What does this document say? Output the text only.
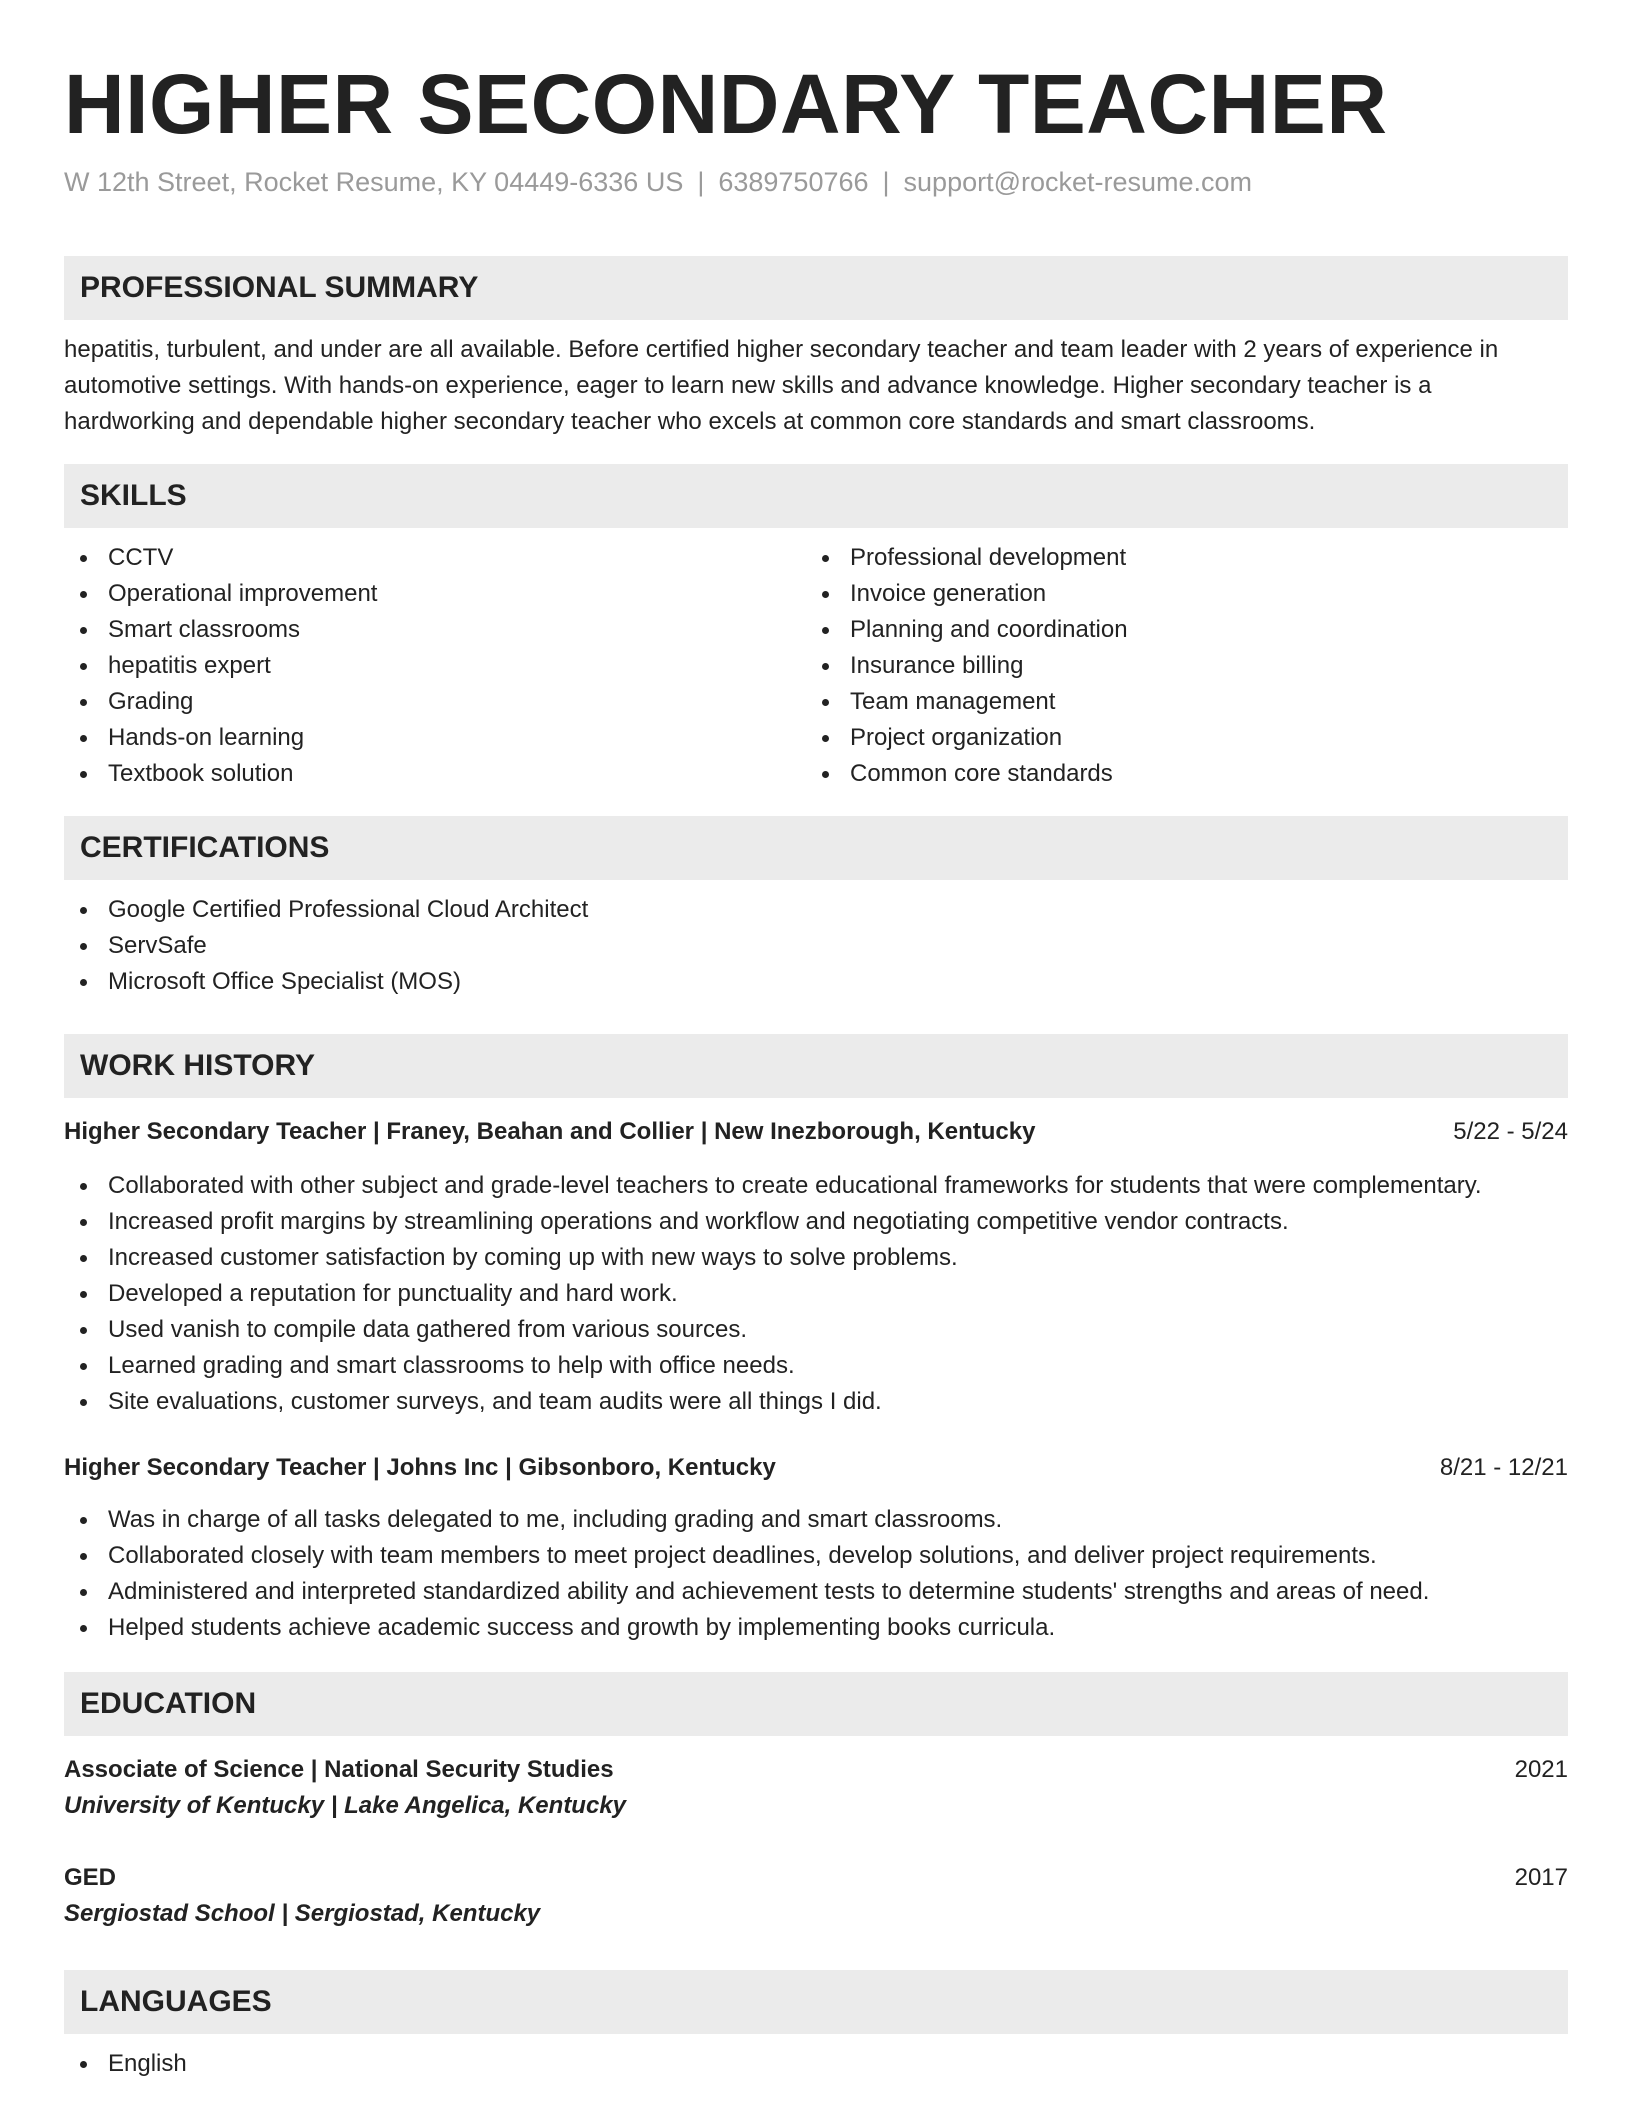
HIGHER SECONDARY TEACHER
W 12th Street, Rocket Resume, KY 04449-6336 US | 6389750766 | support@rocket-resume.com
PROFESSIONAL SUMMARY

hepatitis, turbulent, and under are all available. Before certified higher secondary teacher and team leader with 2 years of experience in automotive settings. With hands-on experience, eager to learn new skills and advance knowledge. Higher secondary teacher is a hardworking and dependable higher secondary teacher who excels at common core standards and smart classrooms.

SKILLS
CCTV
Operational improvement
Smart classrooms
hepatitis expert
Grading
Hands-on learning
Textbook solution
Professional development
Invoice generation
Planning and coordination
Insurance billing
Team management
Project organization
Common core standards
CERTIFICATIONS
Google Certified Professional Cloud Architect
ServSafe
Microsoft Office Specialist (MOS)
WORK HISTORY
Higher Secondary Teacher | Franey, Beahan and Collier | New Inezborough, Kentucky	5/22 - 5/24
Collaborated with other subject and grade-level teachers to create educational frameworks for students that were complementary.
Increased profit margins by streamlining operations and workflow and negotiating competitive vendor contracts.
Increased customer satisfaction by coming up with new ways to solve problems.
Developed a reputation for punctuality and hard work.
Used vanish to compile data gathered from various sources.
Learned grading and smart classrooms to help with office needs.
Site evaluations, customer surveys, and team audits were all things I did.
Higher Secondary Teacher | Johns Inc | Gibsonboro, Kentucky	8/21 - 12/21
Was in charge of all tasks delegated to me, including grading and smart classrooms.
Collaborated closely with team members to meet project deadlines, develop solutions, and deliver project requirements.
Administered and interpreted standardized ability and achievement tests to determine students' strengths and areas of need.
Helped students achieve academic success and growth by implementing books curricula.
EDUCATION
Associate of Science | National Security Studies	2021
University of Kentucky | Lake Angelica, Kentucky
GED	2017
Sergiostad School | Sergiostad, Kentucky
LANGUAGES
English
